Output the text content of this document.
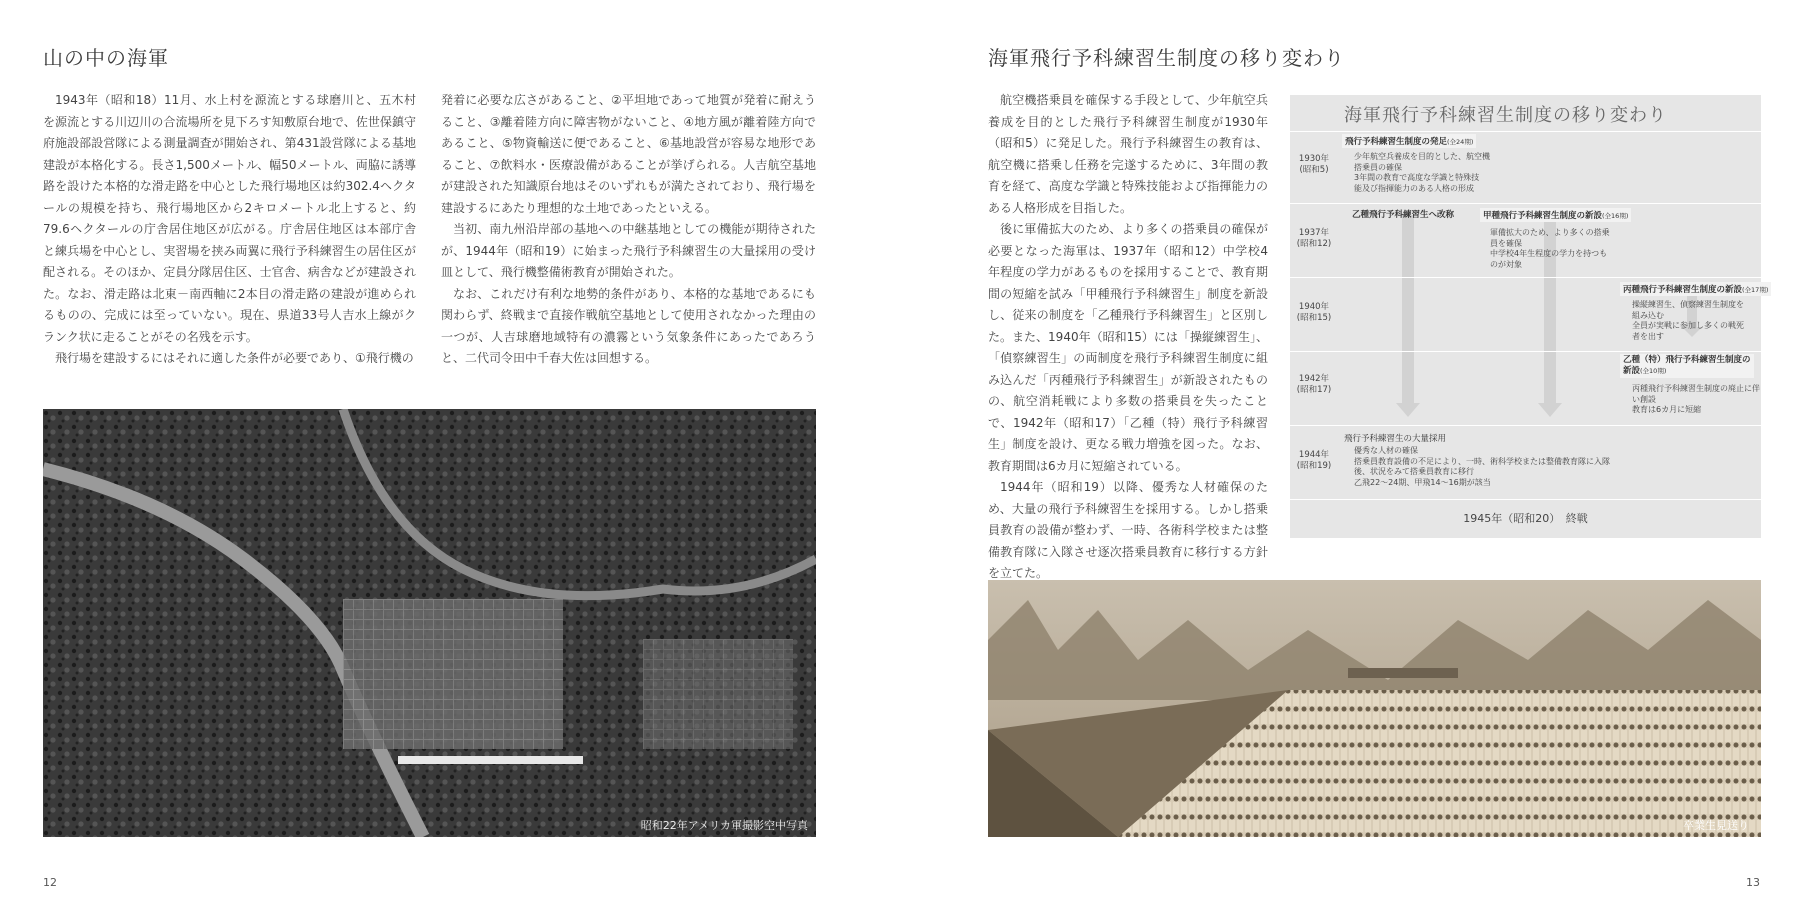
山の中の海軍

1943年（昭和18）11月、水上村を源流とする球磨川と、五木村を源流とする川辺川の合流場所を見下ろす知敷原台地で、佐世保鎮守府施設部設営隊による測量調査が開始され、第431設営隊による基地建設が本格化する。長さ1,500メートル、幅50メートル、両脇に誘導路を設けた本格的な滑走路を中心とした飛行場地区は約302.4ヘクタールの規模を持ち、飛行場地区から2キロメートル北上すると、約79.6ヘクタールの庁舎居住地区が広がる。庁舎居住地区は本部庁舎と練兵場を中心とし、実習場を挟み両翼に飛行予科練習生の居住区が配される。そのほか、定員分隊居住区、士官舎、病舎などが建設された。なお、滑走路は北東－南西軸に2本目の滑走路の建設が進められるものの、完成には至っていない。現在、県道33号人吉水上線がクランク状に走ることがその名残を示す。

飛行場を建設するにはそれに適した条件が必要であり、①飛行機の

発着に必要な広さがあること、②平坦地であって地質が発着に耐えうること、③離着陸方向に障害物がないこと、④地方風が離着陸方向であること、⑤物資輸送に便であること、⑥基地設営が容易な地形であること、⑦飲料水・医療設備があることが挙げられる。人吉航空基地が建設された知識原台地はそのいずれもが満たされており、飛行場を建設するにあたり理想的な土地であったといえる。

当初、南九州沿岸部の基地への中継基地としての機能が期待されたが、1944年（昭和19）に始まった飛行予科練習生の大量採用の受け皿として、飛行機整備術教育が開始された。

なお、これだけ有利な地勢的条件があり、本格的な基地であるにも関わらず、終戦まで直接作戦航空基地として使用されなかった理由の一つが、人吉球磨地域特有の濃霧という気象条件にあったであろうと、二代司令田中千春大佐は回想する。

昭和22年アメリカ軍撮影空中写真
12
海軍飛行予科練習生制度の移り変わり

航空機搭乗員を確保する手段として、少年航空兵養成を目的とした飛行予科練習生制度が1930年（昭和5）に発足した。飛行予科練習生の教育は、航空機に搭乗し任務を完遂するために、3年間の教育を経て、高度な学識と特殊技能および指揮能力のある人格形成を目指した。

後に軍備拡大のため、より多くの搭乗員の確保が必要となった海軍は、1937年（昭和12）中学校4年程度の学力があるものを採用することで、教育期間の短縮を試み「甲種飛行予科練習生」制度を新設し、従来の制度を「乙種飛行予科練習生」と区別した。また、1940年（昭和15）には「操縦練習生」、「偵察練習生」の両制度を飛行予科練習生制度に組み込んだ「丙種飛行予科練習生」が新設されたものの、航空消耗戦により多数の搭乗員を失ったことで、1942年（昭和17）「乙種（特）飛行予科練習生」制度を設け、更なる戦力増強を図った。なお、教育期間は6カ月に短縮されている。

1944年（昭和19）以降、優秀な人材確保のため、大量の飛行予科練習生を採用する。しかし搭乗員教育の設備が整わず、一時、各術科学校または整備教育隊に入隊させ逐次搭乗員教育に移行する方針を立てた。

海軍飛行予科練習生制度の移り変わり
1930年 (昭和5)
飛行予科練習生制度の発足(全24期)
少年航空兵養成を目的とした、航空機
搭乗員の確保
3年間の教育で高度な学識と特殊技
能及び指揮能力のある人格の形成
1937年 (昭和12)
乙種飛行予科練習生へ改称	甲種飛行予科練習生制度の新設(全16期)
軍備拡大のため、より多くの搭乗
員を確保
中学校4年生程度の学力を持つも
のが対象
1940年 (昭和15)
丙種飛行予科練習生制度の新設(全17期)
操縦練習生、偵察練習生制度を
組み込む
全員が実戦に参加し多くの戦死
者を出す
1942年 (昭和17)
乙種（特）飛行予科練習生制度の
新設(全10期)
丙種飛行予科練習生制度の廃止に伴
い創設
教育は6カ月に短縮
1944年 (昭和19)
飛行予科練習生の大量採用
優秀な人材の確保
搭乗員教育設備の不足により、一時、術科学校または整備教育隊に入隊
後、状況をみて搭乗員教育に移行
乙飛22～24期、甲飛14～16期が該当
1945年（昭和20）　終戦
卒業生見送り
13
